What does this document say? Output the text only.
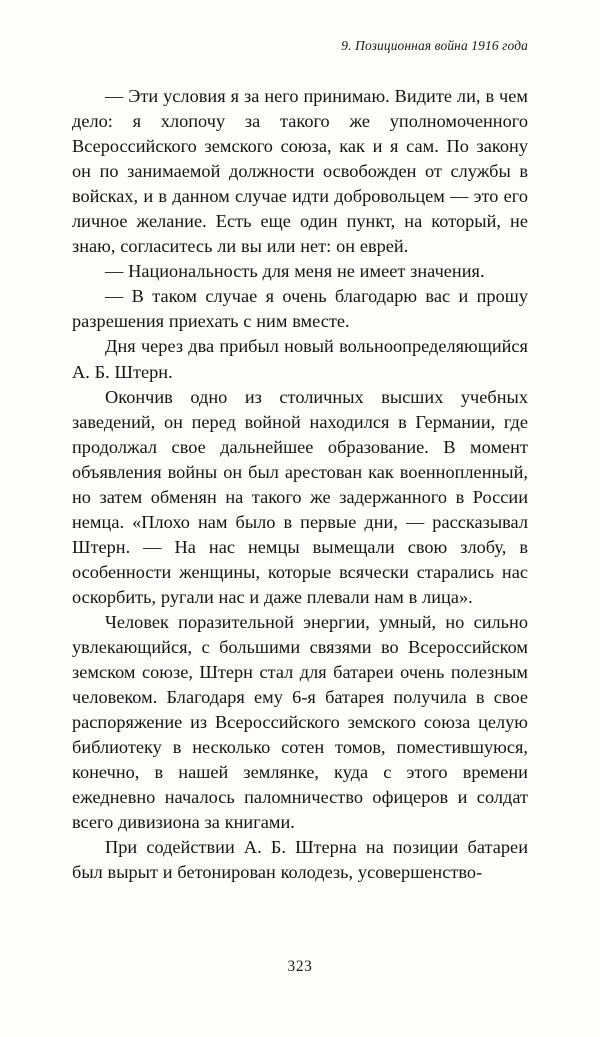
9. Позиционная война 1916 года

— Эти условия я за него принимаю. Видите ли, в чем дело: я хлопочу за такого же уполномоченного Всероссийского земского союза, как и я сам. По закону он по занимаемой должности освобожден от службы в войсках, и в данном случае идти добровольцем — это его личное желание. Есть еще один пункт, на который, не знаю, согласитесь ли вы или нет: он еврей.

— Национальность для меня не имеет значения.

— В таком случае я очень благодарю вас и прошу разрешения приехать с ним вместе.

Дня через два прибыл новый вольноопределяющийся А. Б. Штерн.

Окончив одно из столичных высших учебных заведений, он перед войной находился в Германии, где продолжал свое дальнейшее образование. В момент объявления войны он был арестован как военнопленный, но затем обменян на такого же задержанного в России немца. «Плохо нам было в первые дни, — рассказывал Штерн. — На нас немцы вымещали свою злобу, в особенности женщины, которые всячески старались нас оскорбить, ругали нас и даже плевали нам в лица».

Человек поразительной энергии, умный, но сильно увлекающийся, с большими связями во Всероссийском земском союзе, Штерн стал для батареи очень полезным человеком. Благодаря ему 6-я батарея получила в свое распоряжение из Всероссийского земского союза целую библиотеку в несколько сотен томов, поместившуюся, конечно, в нашей землянке, куда с этого времени ежедневно началось паломничество офицеров и солдат всего дивизиона за книгами.

При содействии А. Б. Штерна на позиции батареи был вырыт и бетонирован колодезь, усовершенство-

323
